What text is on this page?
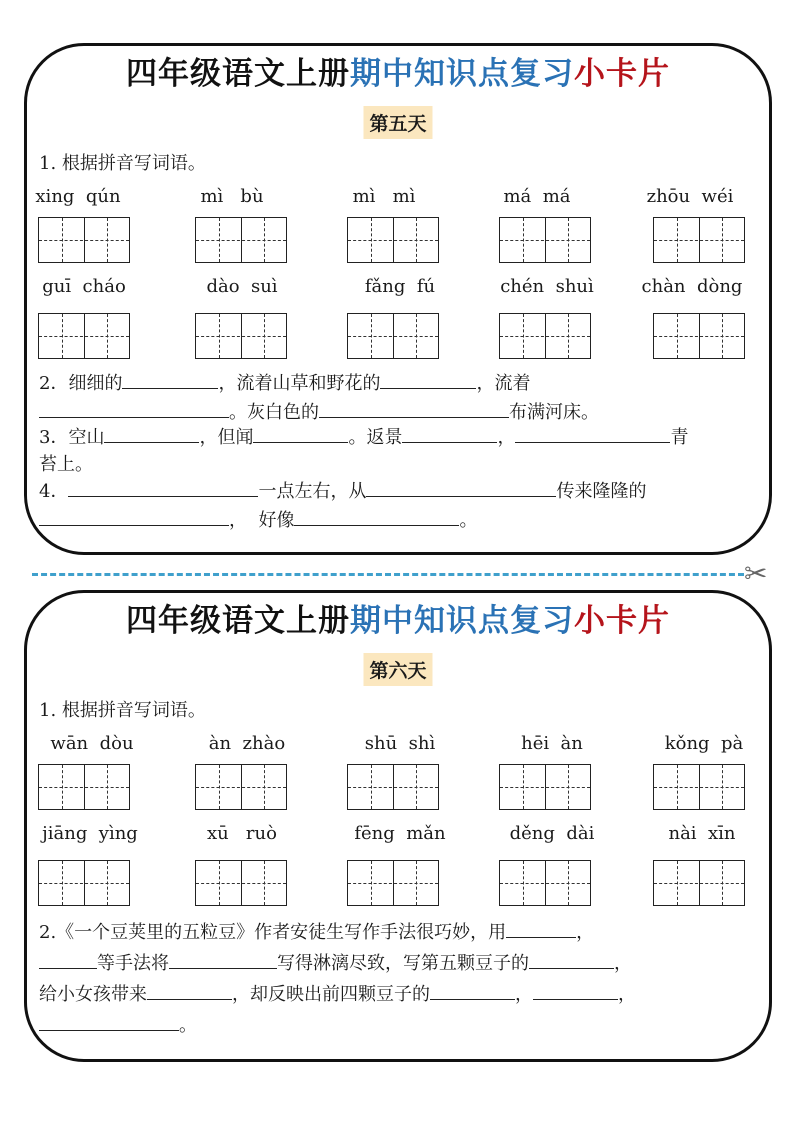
四年级语文上册期中知识点复习小卡片
第五天
1. 根据拼音写词语。
xing  qún	mì   bù	mì   mì	má  má	zhōu  wéi
guī  cháo	dào  suì	fǎng  fú	chén  shuì	chàn  dòng
2．细细的	，流着山草和野花的	，流着
。灰白色的	布满河床。
3．空山	，但闻	。返景	，	青
苔上。
4．	一点左右，从	传来隆隆的
，  好像	。
✂
四年级语文上册期中知识点复习小卡片
第六天
1. 根据拼音写词语。
wān  dòu	àn  zhào	shū  shì	hēi  àn	kǒng  pà
jiāng  yìng	xū   ruò	fēng  mǎn	děng  dài	nài  xīn
2.《一个豆荚里的五粒豆》作者安徒生写作手法很巧妙，用	，
等手法将	写得淋漓尽致，写第五颗豆子的	，
给小女孩带来	，却反映出前四颗豆子的	，	，
。
